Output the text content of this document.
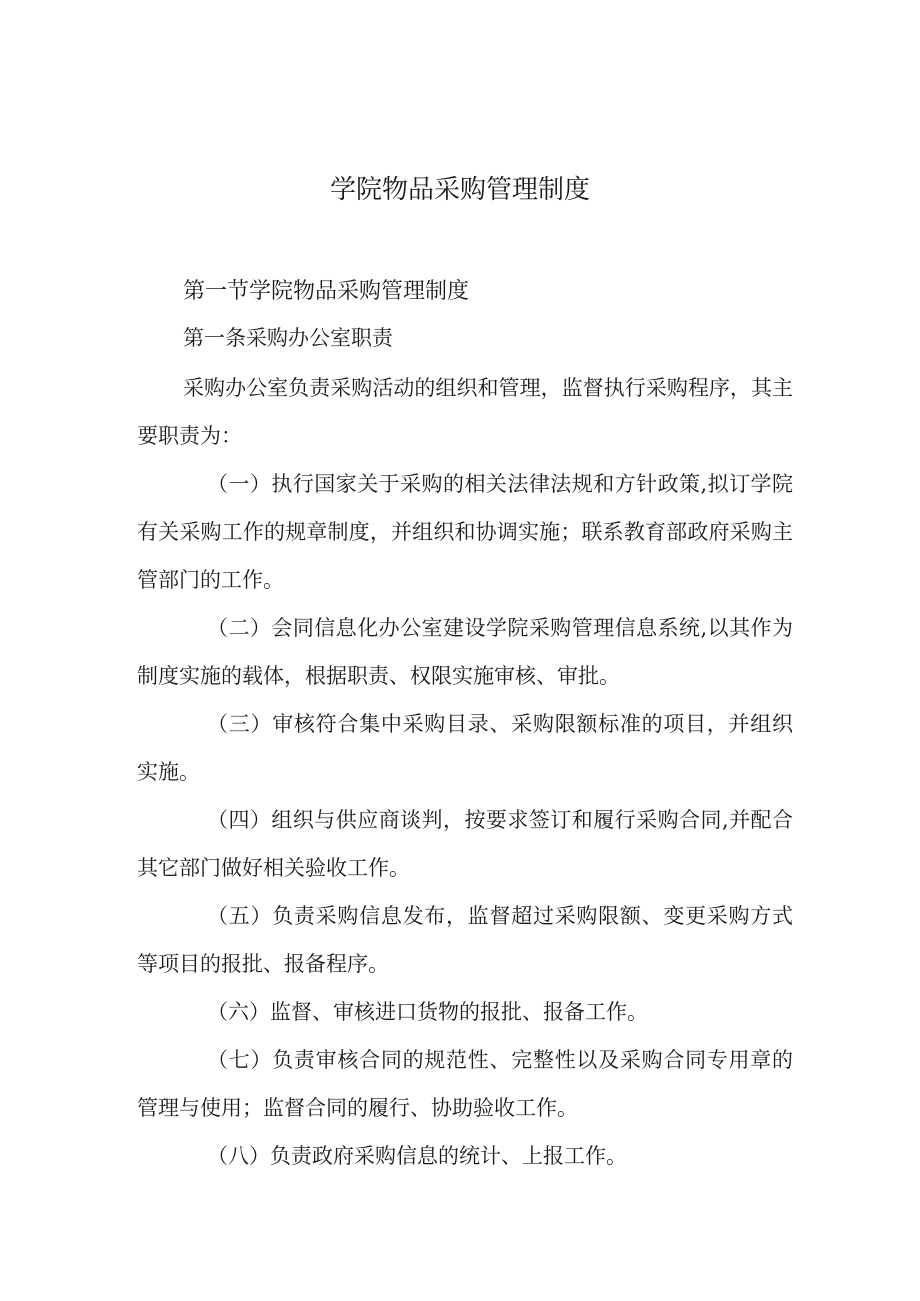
学院物品采购管理制度
第一节学院物品采购管理制度
第一条采购办公室职责

采购办公室负责采购活动的组织和管理，监督执行采购程序，其主要职责为：

（一）执行国家关于采购的相关法律法规和方针政策,拟订学院有关采购工作的规章制度，并组织和协调实施；联系教育部政府采购主管部门的工作。

（二）会同信息化办公室建设学院采购管理信息系统,以其作为制度实施的载体，根据职责、权限实施审核、审批。

（三）审核符合集中采购目录、采购限额标准的项目，并组织实施。

（四）组织与供应商谈判，按要求签订和履行采购合同,并配合其它部门做好相关验收工作。

（五）负责采购信息发布，监督超过采购限额、变更采购方式等项目的报批、报备程序。

（六）监督、审核进口货物的报批、报备工作。

（七）负责审核合同的规范性、完整性以及采购合同专用章的管理与使用；监督合同的履行、协助验收工作。

（八）负责政府采购信息的统计、上报工作。
